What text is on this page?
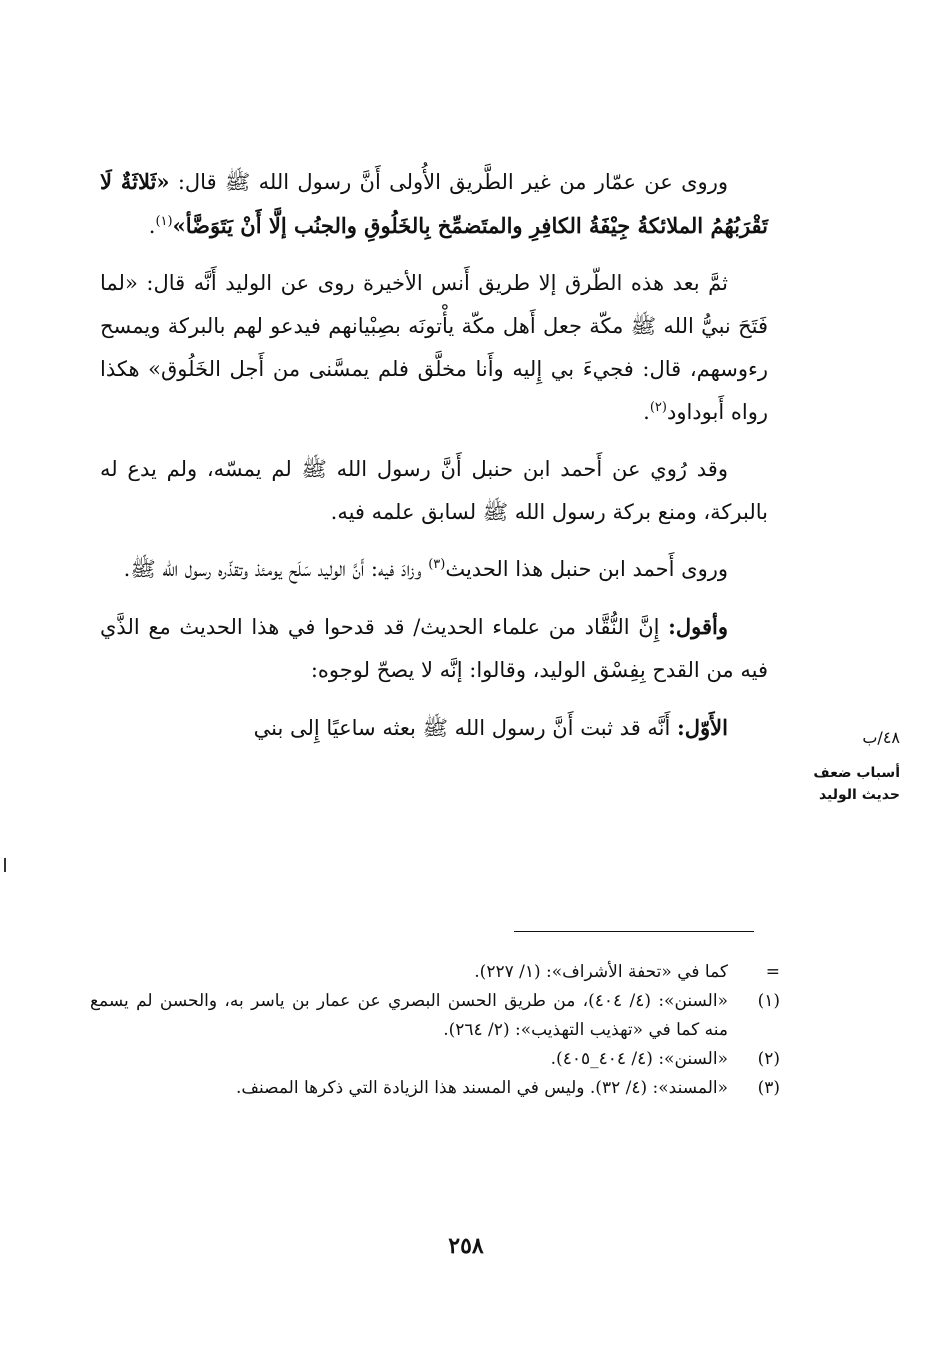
وروى عن عمّار من غير الطَّريق الأُولى أَنَّ رسول الله ﷺ قال: «ثَلاثَةٌ لَا تَقْرَبُهُمُ الملائكةُ جِيْفَةُ الكافِرِ والمتَضمِّخ بِالخَلُوقِ والجنُب إلَّا أَنْ يَتَوَضَّأ»$^{(١)}$.

ثمَّ بعد هذه الطّرق إلا طريق أَنس الأخيرة روى عن الوليد أَنَّه قال: «لما فَتَحَ نبيُّ الله ﷺ مكّة جعل أَهل مكّة يأْتونَه بصِبْيانهم فيدعو لهم بالبركة ويمسح رءوسهم، قال: فجيءَ بي إِليه وأَنا مخلَّق فلم يمسَّنى من أَجل الخَلُوق» هكذا رواه أَبوداود$^{(٢)}$.

وقد رُوي عن أَحمد ابن حنبل أَنَّ رسول الله ﷺ لم يمسّه، ولم يدع له بالبركة، ومنع بركة رسول الله ﷺ لسابق علمه فيه.

وروى أَحمد ابن حنبل هذا الحديث$^{(٣)}$ وزادَ فيه: أَنَّ الوليد سَلَح يومئذ وتقذّره رسول الله ﷺ.

وأقول: إِنَّ النُّقَّاد من علماء الحديث/ قد قدحوا في هذا الحديث مع الذَّي فيه من القدح بِفِسْق الوليد، وقالوا: إنَّه لا يصحّ لوجوه:

الأَوّل: أَنَّه قد ثبت أَنَّ رسول الله ﷺ بعثه ساعيًا إِلى بني	٤٨/ب
أسباب ضعف حديث الوليد
=
كما في «تحفة الأشراف»: (١/ ٢٢٧).
(١)
«السنن»: (٤/ ٤٠٤)، من طريق الحسن البصري عن عمار بن ياسر به، والحسن لم يسمع منه كما في «تهذيب التهذيب»: (٢/ ٢٦٤).
(٢)
«السنن»: (٤/ ٤٠٤_٤٠٥).
(٣)
«المسند»: (٤/ ٣٢). وليس في المسند هذا الزيادة التي ذكرها المصنف.
٢٥٨
